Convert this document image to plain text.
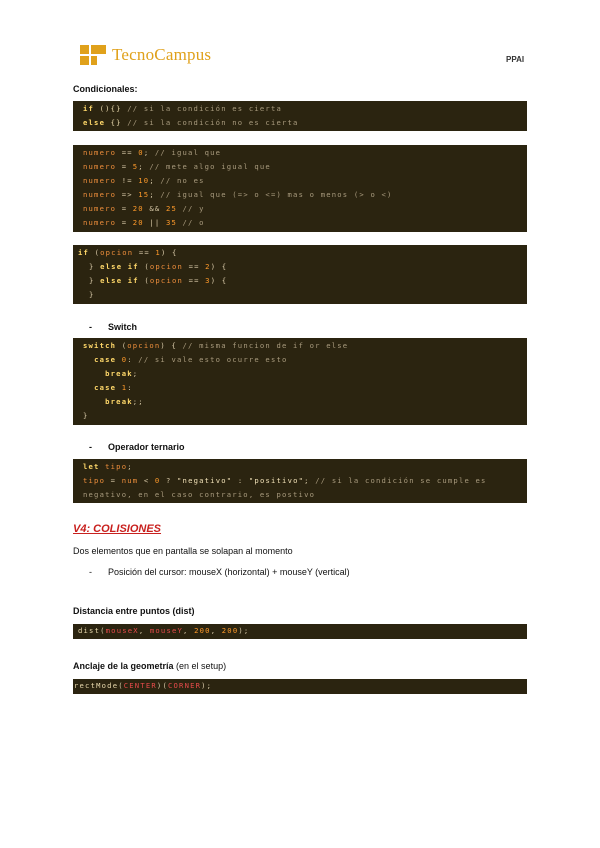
TecnoCampus	PPAI
Condicionales:
if (){} // si la condición es cierta
else {} // si la condición no es cierta
numero == 0; // igual que
numero = 5; // mete algo igual que
numero != 10; // no es
numero => 15; // igual que (=> o <=) mas o menos (> o <)
numero = 20 && 25 // y
numero = 20 || 35 // o
if (opcion == 1) {
} else if (opcion == 2) {
} else if (opcion == 3) {
}
- Switch
switch (opcion) { // misma funcion de if or else
case 0: // si vale esto ocurre esto
break;
case 1:
break;;
}
- Operador ternario
let tipo;
tipo = num < 0 ? "negativo" : "positivo"; // si la condición se cumple es
negativo, en el caso contrario, es postivo
V4: COLISIONES
Dos elementos que en pantalla se solapan al momento
- Posición del cursor: mouseX (horizontal) + mouseY (vertical)
Distancia entre puntos (dist)
dist(mouseX, mouseY, 200, 200);
Anclaje de la geometría (en el setup)
rectMode(CENTER)(CORNER);
